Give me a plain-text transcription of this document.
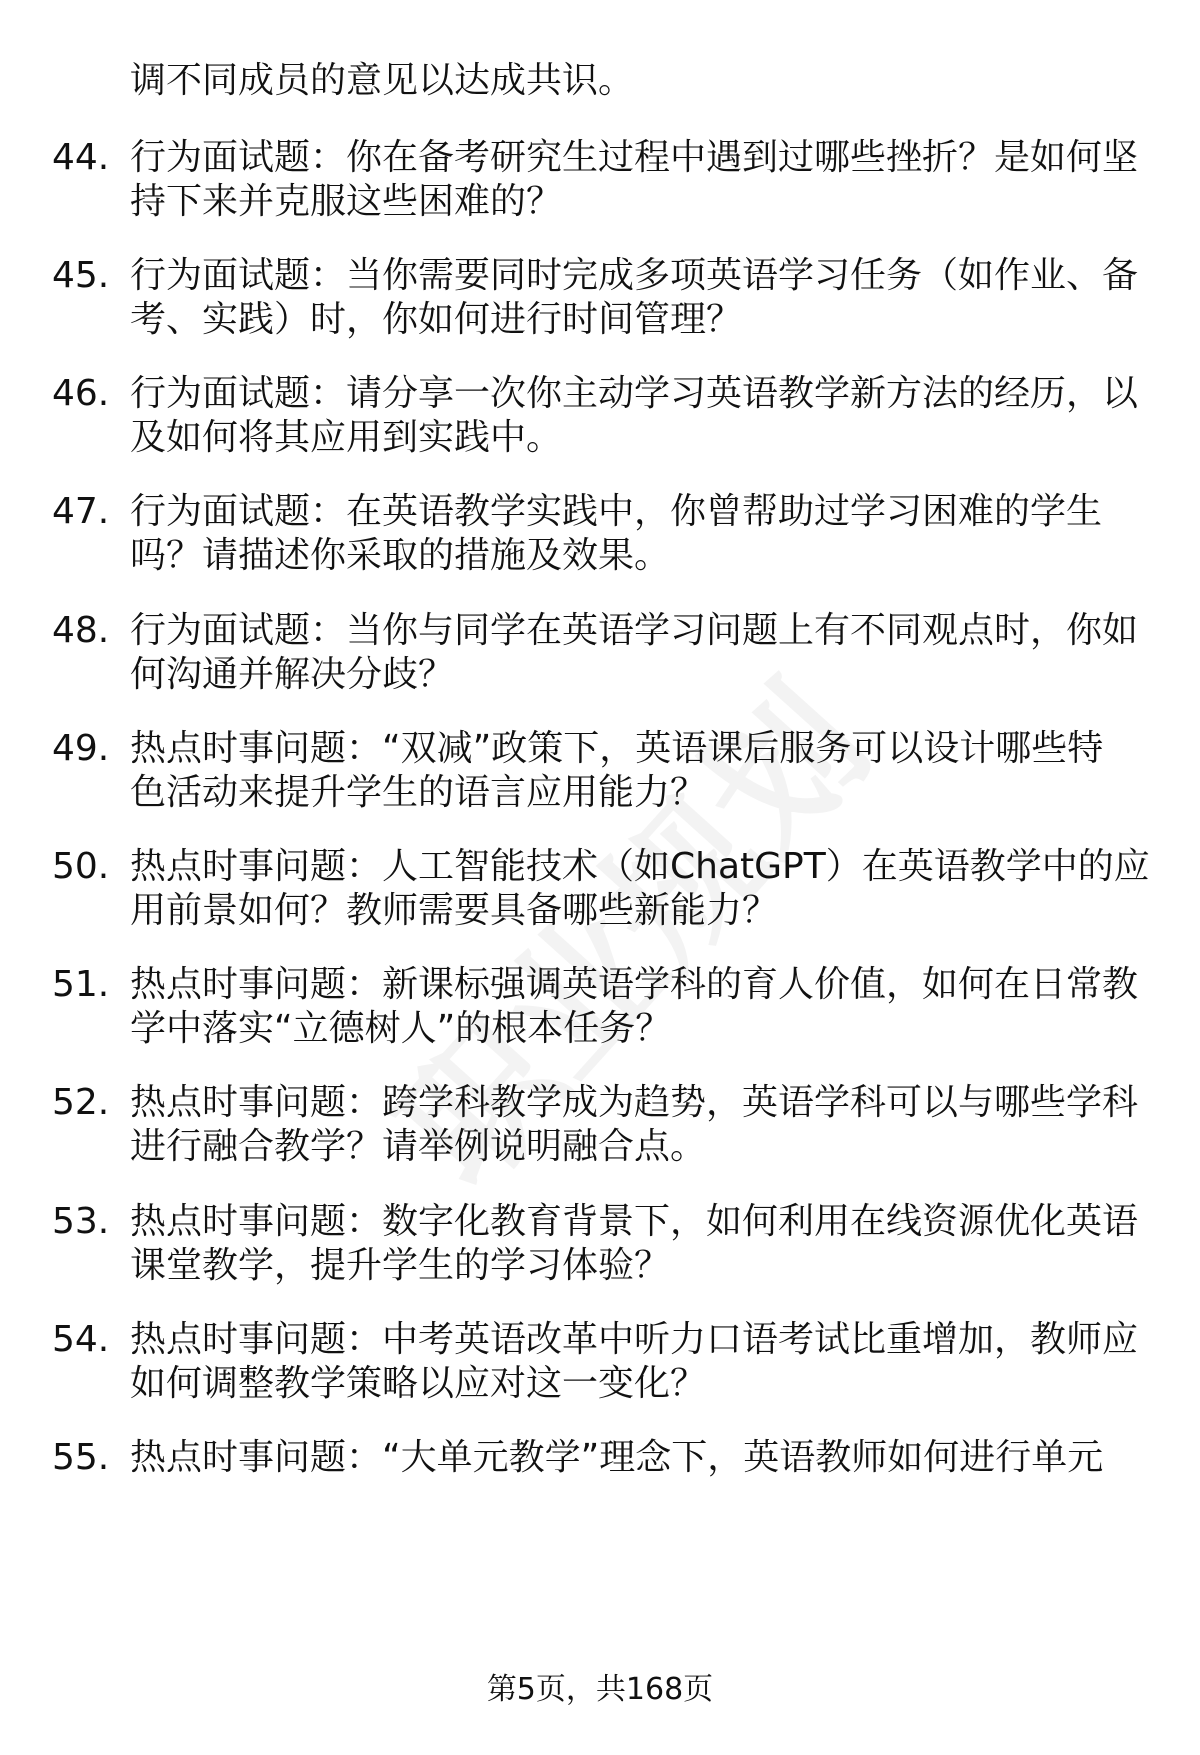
调不同成员的意见以达成共识。
44. 行为面试题：你在备考研究生过程中遇到过哪些挫折？是如何坚
持下来并克服这些困难的？
45. 行为面试题：当你需要同时完成多项英语学习任务（如作业、备
考、实践）时，你如何进行时间管理？
46. 行为面试题：请分享一次你主动学习英语教学新方法的经历，以
及如何将其应用到实践中。
47. 行为面试题：在英语教学实践中，你曾帮助过学习困难的学生
吗？请描述你采取的措施及效果。
48. 行为面试题：当你与同学在英语学习问题上有不同观点时，你如
何沟通并解决分歧？
49. 热点时事问题：“双减”政策下，英语课后服务可以设计哪些特
色活动来提升学生的语言应用能力？
50. 热点时事问题：人工智能技术（如ChatGPT）在英语教学中的应
用前景如何？教师需要具备哪些新能力？
51. 热点时事问题：新课标强调英语学科的育人价值，如何在日常教
学中落实“立德树人”的根本任务？
52. 热点时事问题：跨学科教学成为趋势，英语学科可以与哪些学科
进行融合教学？请举例说明融合点。
53. 热点时事问题：数字化教育背景下，如何利用在线资源优化英语
课堂教学，提升学生的学习体验？
54. 热点时事问题：中考英语改革中听力口语考试比重增加，教师应
如何调整教学策略以应对这一变化？
55. 热点时事问题：“大单元教学”理念下，英语教师如何进行单元
第5页，共168页
